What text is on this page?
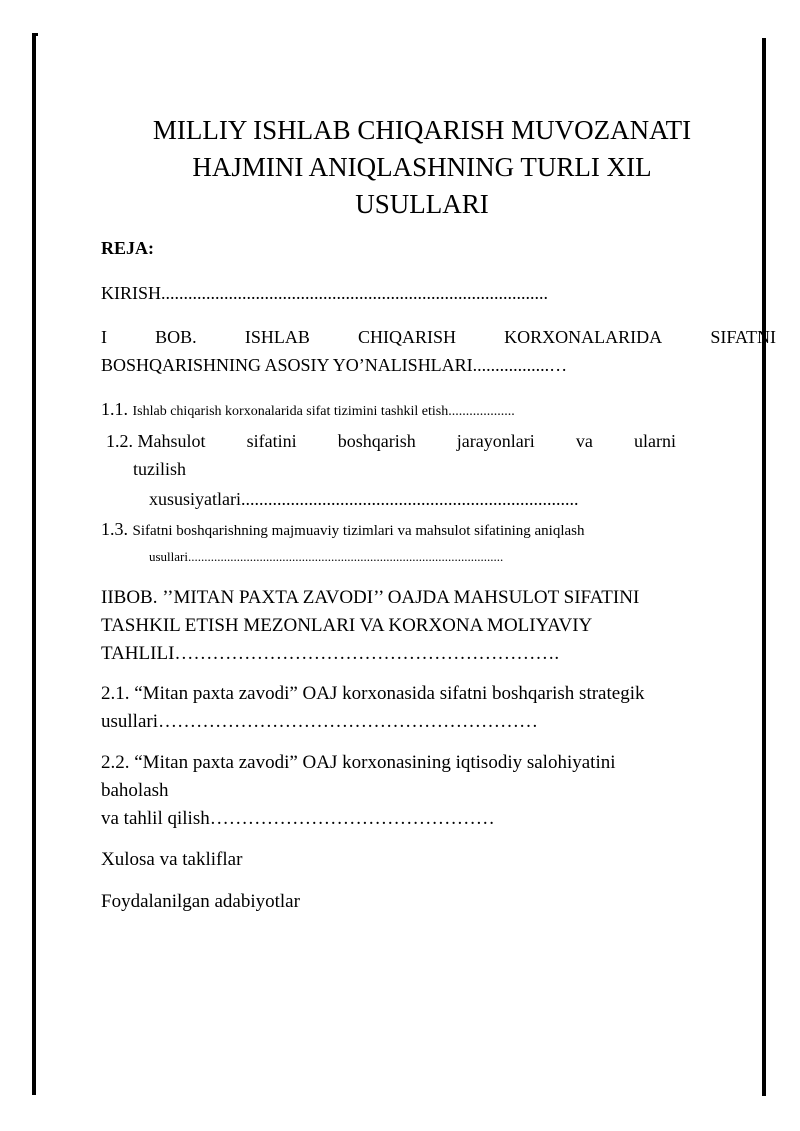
MILLIY ISHLAB CHIQARISH MUVOZANATI
HAJMINI ANIQLASHNING TURLI XIL
USULLARI
REJA:
KIRISH......................................................................................
I	BOB.	ISHLAB	CHIQARISH	KORXONALARIDA	SIFATNI
BOSHQARISHNING ASOSIY YO’NALISHLARI.................…
1.1. Ishlab chiqarish korxonalarida sifat tizimini tashkil etish...................
1.2. Mahsulot sifatini boshqarish jarayonlari va ularni
tuzilish
xususiyatlari...........................................................................
1.3. Sifatni boshqarishning majmuaviy tizimlari va mahsulot sifatining aniqlash
usullari.................................................................................................
IIBOB. ’’MITAN PAXTA ZAVODI’’ OAJDA MAHSULOT SIFATINI
TASHKIL ETISH MEZONLARI VA KORXONA MOLIYAVIY
TAHLILI…………………………………………………….
2.1. “Mitan paxta zavodi” OAJ korxonasida sifatni boshqarish strategik
usullari……………………………………………………
2.2. “Mitan paxta zavodi” OAJ korxonasining iqtisodiy salohiyatini
baholash
va tahlil qilish………………………………………
Xulosa va takliflar
Foydalanilgan adabiyotlar
